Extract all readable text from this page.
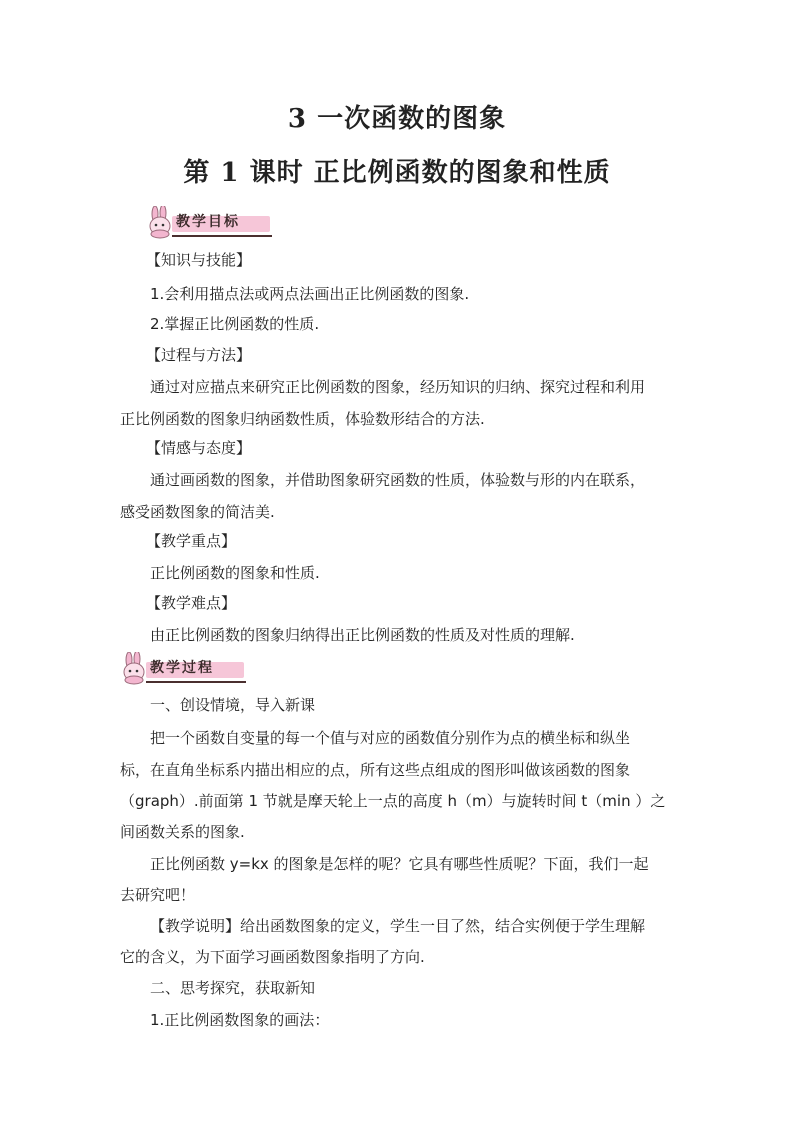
3 一次函数的图象
第 1 课时 正比例函数的图象和性质
教学目标
【知识与技能】
1.会利用描点法或两点法画出正比例函数的图象.
2.掌握正比例函数的性质.
【过程与方法】
通过对应描点来研究正比例函数的图象，经历知识的归纳、探究过程和利用
正比例函数的图象归纳函数性质，体验数形结合的方法.
【情感与态度】
通过画函数的图象，并借助图象研究函数的性质，体验数与形的内在联系，
感受函数图象的简洁美.
【教学重点】
正比例函数的图象和性质.
【教学难点】
由正比例函数的图象归纳得出正比例函数的性质及对性质的理解.
教学过程
一、创设情境，导入新课
把一个函数自变量的每一个值与对应的函数值分别作为点的横坐标和纵坐
标，在直角坐标系内描出相应的点，所有这些点组成的图形叫做该函数的图象
（graph）.前面第 1 节就是摩天轮上一点的高度 h（m）与旋转时间 t（min ）之
间函数关系的图象.
正比例函数 y=kx 的图象是怎样的呢？它具有哪些性质呢？下面，我们一起
去研究吧！
【教学说明】给出函数图象的定义，学生一目了然，结合实例便于学生理解
它的含义，为下面学习画函数图象指明了方向.
二、思考探究，获取新知
1.正比例函数图象的画法：
